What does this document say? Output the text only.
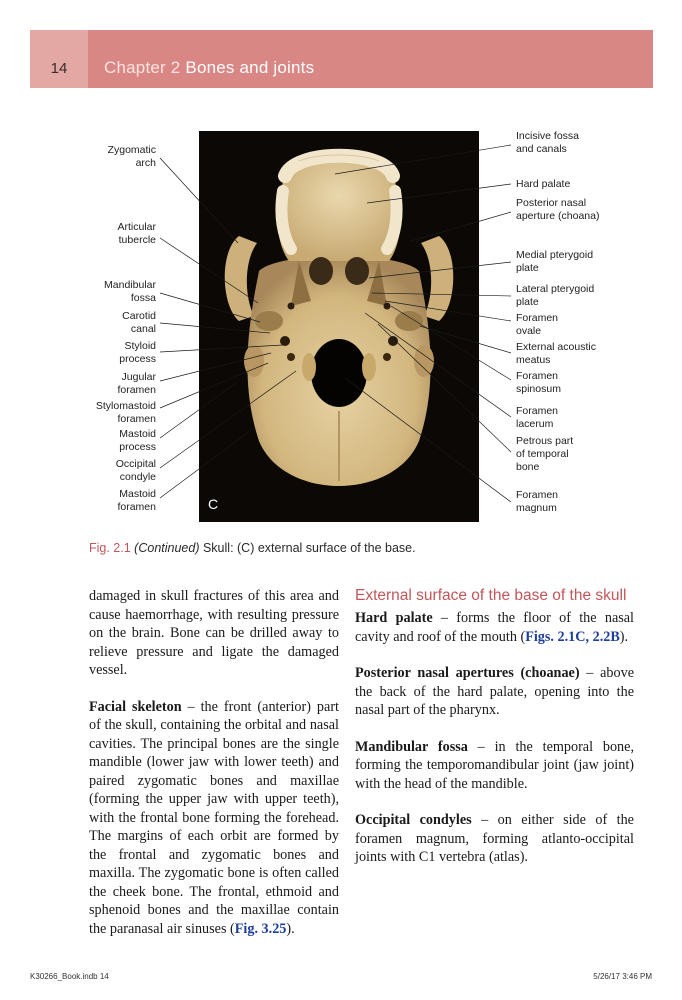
14	Chapter 2 Bones and joints
C
Zygomatic
arch
Articular
tubercle
Mandibular
fossa
Carotid
canal
Styloid
process
Jugular
foramen
Stylomastoid
foramen
Mastoid
process
Occipital
condyle
Mastoid
foramen
Incisive fossa
and canals
Hard palate
Posterior nasal
aperture (choana)
Medial pterygoid
plate
Lateral pterygoid
plate
Foramen
ovale
External acoustic
meatus
Foramen
spinosum
Foramen
lacerum
Petrous part
of temporal
bone
Foramen
magnum
Fig. 2.1 (Continued) Skull: (C) external surface of the base.

damaged in skull fractures of this area and cause haemorrhage, with resulting pressure on the brain. Bone can be drilled away to relieve pressure and ligate the damaged vessel.

Facial skeleton – the front (anterior) part of the skull, containing the orbital and nasal cavities. The principal bones are the single mandible (lower jaw with lower teeth) and paired zygomatic bones and maxillae (forming the upper jaw with upper teeth), with the frontal bone forming the forehead. The margins of each orbit are formed by the frontal and zygomatic bones and maxilla. The zygomatic bone is often called the cheek bone. The frontal, ethmoid and sphenoid bones and the maxillae contain the paranasal air sinuses (Fig. 3.25).

External surface of the base of the skull

Hard palate – forms the floor of the nasal cavity and roof of the mouth (Figs. 2.1C, 2.2B).

Posterior nasal apertures (choanae) – above the back of the hard palate, opening into the nasal part of the pharynx.

Mandibular fossa – in the temporal bone, forming the temporomandibular joint (jaw joint) with the head of the mandible.

Occipital condyles – on either side of the foramen magnum, forming atlanto-occipital joints with C1 vertebra (atlas).

K30266_Book.indb 14	5/26/17 3:46 PM
